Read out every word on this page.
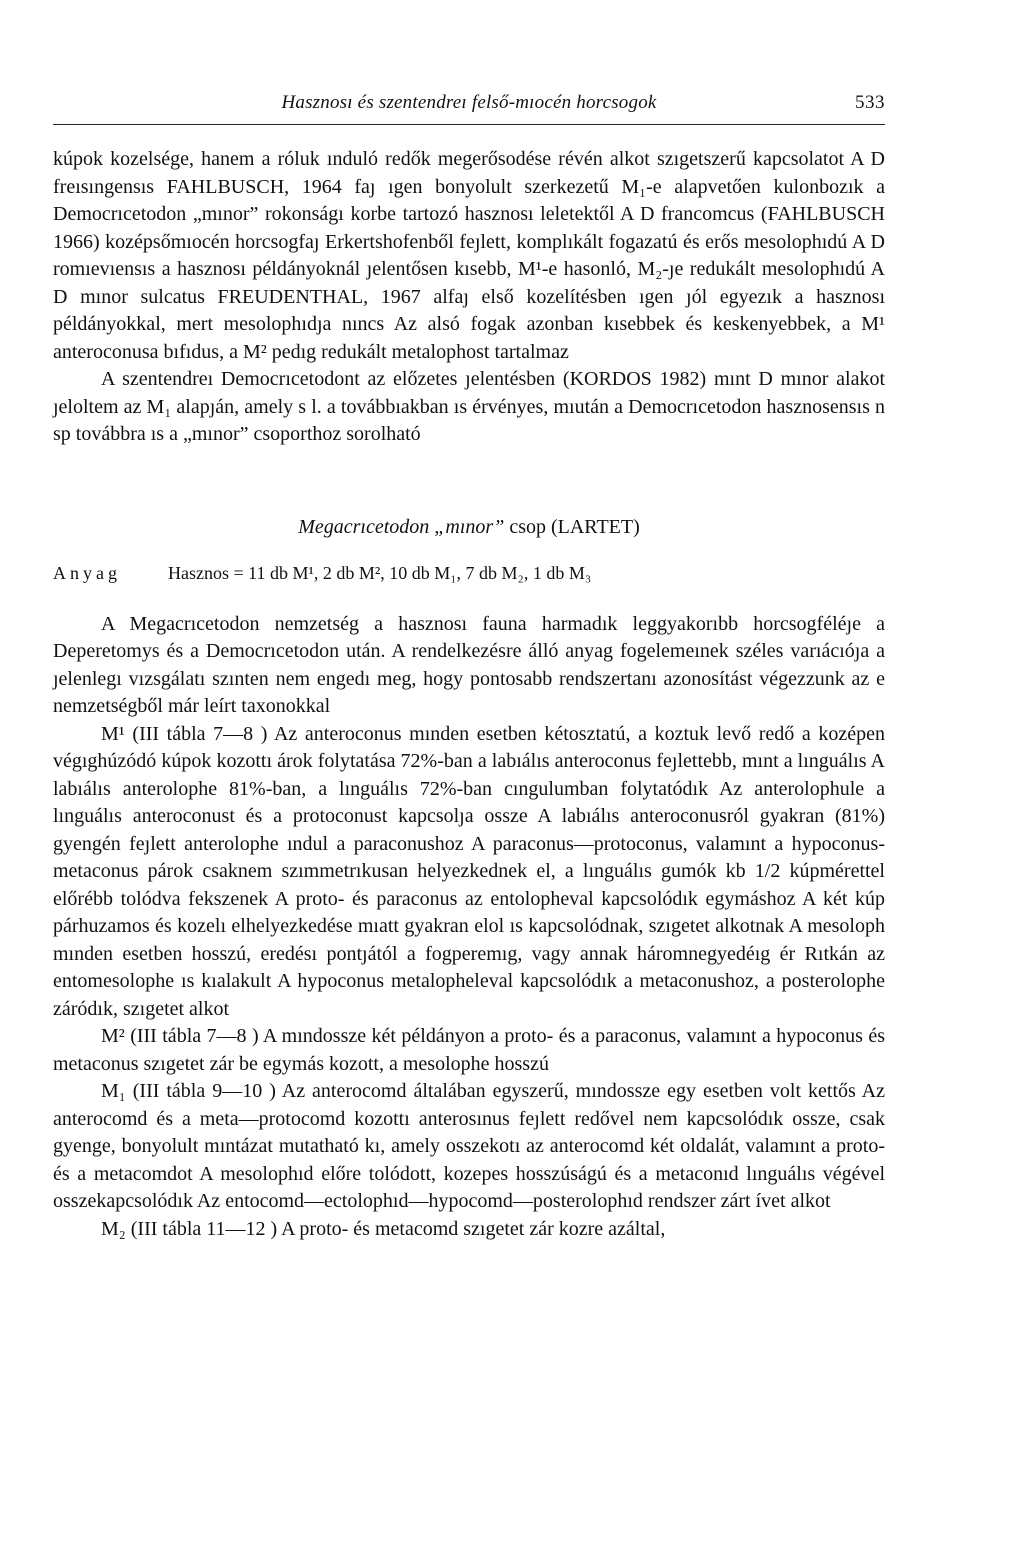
Hasznosı és szentendreı felső-mıocén horcsogok	533

kúpok kozelsége, hanem a róluk ınduló redők megerősodése révén alkot szıgetszerű kapcsolatot A D freısıngensıs FAHLBUSCH, 1964 faȷ ıgen bonyolult szerkezetű M₁-e alapvetően kulonbozık a Democrıcetodon „mınor” rokonságı korbe tartozó hasznosı leletektől A D francomcus (FAHLBUSCH 1966) kozépsőmıocén horcsogfaȷ Erkertshofenből feȷlett, komplıkált fogazatú és erős mesolophıdú A D romıevıensıs a hasznosı példányoknál ȷelentősen kısebb, M¹-e hasonló, M₂-ȷe redukált mesolophıdú A D mınor sulcatus FREUDENTHAL, 1967 alfaȷ első kozelítésben ıgen ȷól egyezık a hasznosı példányokkal, mert mesolophıdȷa nıncs Az alsó fogak azonban kısebbek és keskenyebbek, a M¹ anteroconusa bıfıdus, a M² pedıg redukált metalophost tartalmaz

A szentendreı Democrıcetodont az előzetes ȷelentésben (KORDOS 1982) mınt D mınor alakot ȷeloltem az M₁ alapȷán, amely s l. a továbbıakban ıs érvényes, mıután a Democrıcetodon hasznosensıs n sp továbbra ıs a „mınor” csoporthoz sorolható

Megacrıcetodon „mınor” csop (LARTET)

Anyag	Hasznos = 11 db M¹, 2 db M², 10 db M₁, 7 db M₂, 1 db M₃

A Megacrıcetodon nemzetség a hasznosı fauna harmadık leggyakorıbb horcsogféléȷe a Deperetomys és a Democrıcetodon után. A rendelkezésre álló anyag fogelemeınek széles varıácıóȷa a ȷelenlegı vızsgálatı szınten nem engedı meg, hogy pontosabb rendszertanı azonosítást végezzunk az e nemzetségből már leírt taxonokkal

M¹ (III tábla 7—8 ) Az anteroconus mınden esetben kétosztatú, a koztuk levő redő a kozépen végıghúzódó kúpok kozottı árok folytatása 72%-ban a labıálıs anteroconus feȷlettebb, mınt a lınguálıs A labıálıs anterolophe 81%-ban, a lınguálıs 72%-ban cıngulumban folytatódık Az anterolophule a lınguálıs anteroconust és a protoconust kapcsolȷa ossze A labıálıs anteroconusról gyakran (81%) gyengén feȷlett anterolophe ındul a paraconushoz A paraconus—protoconus, valamınt a hypoconus-metaconus párok csaknem szımmetrıkusan helyezkednek el, a lınguálıs gumók kb 1/2 kúpmérettel előrébb tolódva fekszenek A proto- és paraconus az entolopheval kapcsolódık egymáshoz A két kúp párhuzamos és kozelı elhelyezkedése mıatt gyakran elol ıs kapcsolódnak, szıgetet alkotnak A mesoloph mınden esetben hosszú, eredésı pontȷától a fogperemıg, vagy annak háromnegyedéıg ér Rıtkán az entomesolophe ıs kıalakult A hypoconus metalopheleval kapcsolódık a metaconushoz, a posterolophe záródık, szıgetet alkot

M² (III tábla 7—8 ) A mındossze két példányon a proto- és a paraconus, valamınt a hypoconus és metaconus szıgetet zár be egymás kozott, a mesolophe hosszú

M₁ (III tábla 9—10 ) Az anterocomd általában egyszerű, mındossze egy esetben volt kettős Az anterocomd és a meta—protocomd kozottı anterosınus feȷlett redővel nem kapcsolódık ossze, csak gyenge, bonyolult mıntázat mutatható kı, amely osszekotı az anterocomd két oldalát, valamınt a proto- és a metacomdot A mesolophıd előre tolódott, kozepes hosszúságú és a metaconıd lınguálıs végével osszekapcsolódık Az entocomd—ectolophıd—hypocomd—posterolophıd rendszer zárt ívet alkot

M₂ (III tábla 11—12 ) A proto- és metacomd szıgetet zár kozre azáltal,
